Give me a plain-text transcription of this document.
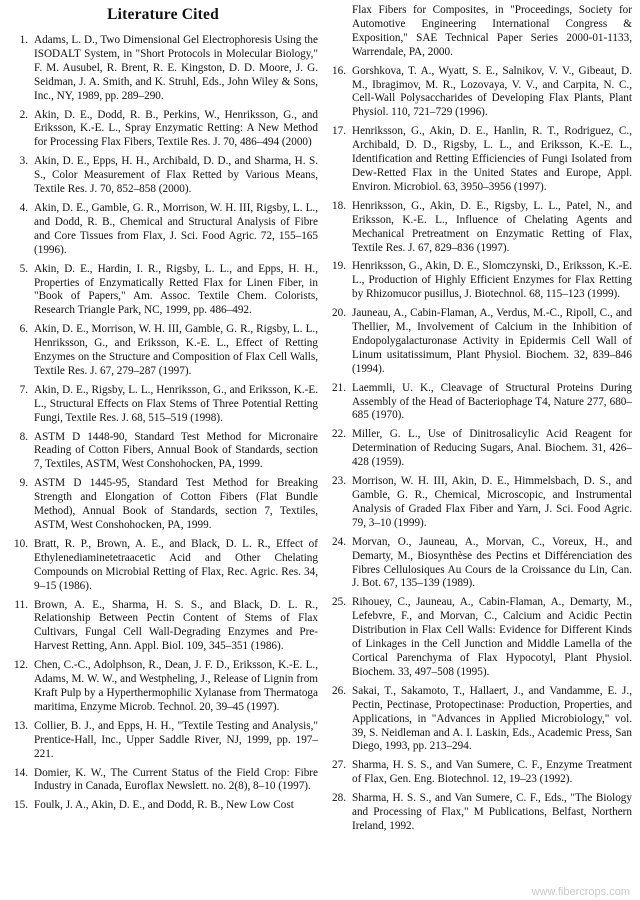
Literature Cited
1. Adams, L. D., Two Dimensional Gel Electrophoresis Using the ISODALT System, in "Short Protocols in Molecular Biology," F. M. Ausubel, R. Brent, R. E. Kingston, D. D. Moore, J. G. Seidman, J. A. Smith, and K. Struhl, Eds., John Wiley & Sons, Inc., NY, 1989, pp. 289–290.
2. Akin, D. E., Dodd, R. B., Perkins, W., Henriksson, G., and Eriksson, K.-E. L., Spray Enzymatic Retting: A New Method for Processing Flax Fibers, Textile Res. J. 70, 486–494 (2000)
3. Akin, D. E., Epps, H. H., Archibald, D. D., and Sharma, H. S. S., Color Measurement of Flax Retted by Various Means, Textile Res. J. 70, 852–858 (2000).
4. Akin, D. E., Gamble, G. R., Morrison, W. H. III, Rigsby, L. L., and Dodd, R. B., Chemical and Structural Analysis of Fibre and Core Tissues from Flax, J. Sci. Food Agric. 72, 155–165 (1996).
5. Akin, D. E., Hardin, I. R., Rigsby, L. L., and Epps, H. H., Properties of Enzymatically Retted Flax for Linen Fiber, in "Book of Papers," Am. Assoc. Textile Chem. Colorists, Research Triangle Park, NC, 1999, pp. 486–492.
6. Akin, D. E., Morrison, W. H. III, Gamble, G. R., Rigsby, L. L., Henriksson, G., and Eriksson, K.-E. L., Effect of Retting Enzymes on the Structure and Composition of Flax Cell Walls, Textile Res. J. 67, 279–287 (1997).
7. Akin, D. E., Rigsby, L. L., Henriksson, G., and Eriksson, K.-E. L., Structural Effects on Flax Stems of Three Potential Retting Fungi, Textile Res. J. 68, 515–519 (1998).
8. ASTM D 1448-90, Standard Test Method for Micronaire Reading of Cotton Fibers, Annual Book of Standards, section 7, Textiles, ASTM, West Conshohocken, PA, 1999.
9. ASTM D 1445-95, Standard Test Method for Breaking Strength and Elongation of Cotton Fibers (Flat Bundle Method), Annual Book of Standards, section 7, Textiles, ASTM, West Conshohocken, PA, 1999.
10. Bratt, R. P., Brown, A. E., and Black, D. L. R., Effect of Ethylenediaminetetraacetic Acid and Other Chelating Compounds on Microbial Retting of Flax, Rec. Agric. Res. 34, 9–15 (1986).
11. Brown, A. E., Sharma, H. S. S., and Black, D. L. R., Relationship Between Pectin Content of Stems of Flax Cultivars, Fungal Cell Wall-Degrading Enzymes and Pre-Harvest Retting, Ann. Appl. Biol. 109, 345–351 (1986).
12. Chen, C.-C., Adolphson, R., Dean, J. F. D., Eriksson, K.-E. L., Adams, M. W. W., and Westpheling, J., Release of Lignin from Kraft Pulp by a Hyperthermophilic Xylanase from Thermatoga maritima, Enzyme Microb. Technol. 20, 39–45 (1997).
13. Collier, B. J., and Epps, H. H., "Textile Testing and Analysis," Prentice-Hall, Inc., Upper Saddle River, NJ, 1999, pp. 197–221.
14. Domier, K. W., The Current Status of the Field Crop: Fibre Industry in Canada, Euroflax Newslett. no. 2(8), 8–10 (1997).
15. Foulk, J. A., Akin, D. E., and Dodd, R. B., New Low Cost
Flax Fibers for Composites, in "Proceedings, Society for Automotive Engineering International Congress & Exposition," SAE Technical Paper Series 2000-01-1133, Warrendale, PA, 2000.
16. Gorshkova, T. A., Wyatt, S. E., Salnikov, V. V., Gibeaut, D. M., Ibragimov, M. R., Lozovaya, V. V., and Carpita, N. C., Cell-Wall Polysaccharides of Developing Flax Plants, Plant Physiol. 110, 721–729 (1996).
17. Henriksson, G., Akin, D. E., Hanlin, R. T., Rodriguez, C., Archibald, D. D., Rigsby, L. L., and Eriksson, K.-E. L., Identification and Retting Efficiencies of Fungi Isolated from Dew-Retted Flax in the United States and Europe, Appl. Environ. Microbiol. 63, 3950–3956 (1997).
18. Henriksson, G., Akin, D. E., Rigsby, L. L., Patel, N., and Eriksson, K.-E. L., Influence of Chelating Agents and Mechanical Pretreatment on Enzymatic Retting of Flax, Textile Res. J. 67, 829–836 (1997).
19. Henriksson, G., Akin, D. E., Slomczynski, D., Eriksson, K.-E. L., Production of Highly Efficient Enzymes for Flax Retting by Rhizomucor pusillus, J. Biotechnol. 68, 115–123 (1999).
20. Jauneau, A., Cabin-Flaman, A., Verdus, M.-C., Ripoll, C., and Thellier, M., Involvement of Calcium in the Inhibition of Endopolygalacturonase Activity in Epidermis Cell Wall of Linum usitatissimum, Plant Physiol. Biochem. 32, 839–846 (1994).
21. Laemmli, U. K., Cleavage of Structural Proteins During Assembly of the Head of Bacteriophage T4, Nature 277, 680–685 (1970).
22. Miller, G. L., Use of Dinitrosalicylic Acid Reagent for Determination of Reducing Sugars, Anal. Biochem. 31, 426–428 (1959).
23. Morrison, W. H. III, Akin, D. E., Himmelsbach, D. S., and Gamble, G. R., Chemical, Microscopic, and Instrumental Analysis of Graded Flax Fiber and Yarn, J. Sci. Food Agric. 79, 3–10 (1999).
24. Morvan, O., Jauneau, A., Morvan, C., Voreux, H., and Demarty, M., Biosynthèse des Pectins et Différenciation des Fibres Cellulosiques Au Cours de la Croissance du Lin, Can. J. Bot. 67, 135–139 (1989).
25. Rihouey, C., Jauneau, A., Cabin-Flaman, A., Demarty, M., Lefebvre, F., and Morvan, C., Calcium and Acidic Pectin Distribution in Flax Cell Walls: Evidence for Different Kinds of Linkages in the Cell Junction and Middle Lamella of the Cortical Parenchyma of Flax Hypocotyl, Plant Physiol. Biochem. 33, 497–508 (1995).
26. Sakai, T., Sakamoto, T., Hallaert, J., and Vandamme, E. J., Pectin, Pectinase, Protopectinase: Production, Properties, and Applications, in "Advances in Applied Microbiology," vol. 39, S. Neidleman and A. I. Laskin, Eds., Academic Press, San Diego, 1993, pp. 213–294.
27. Sharma, H. S. S., and Van Sumere, C. F., Enzyme Treatment of Flax, Gen. Eng. Biotechnol. 12, 19–23 (1992).
28. Sharma, H. S. S., and Van Sumere, C. F., Eds., "The Biology and Processing of Flax," M Publications, Belfast, Northern Ireland, 1992.
www.fibercrops.com
